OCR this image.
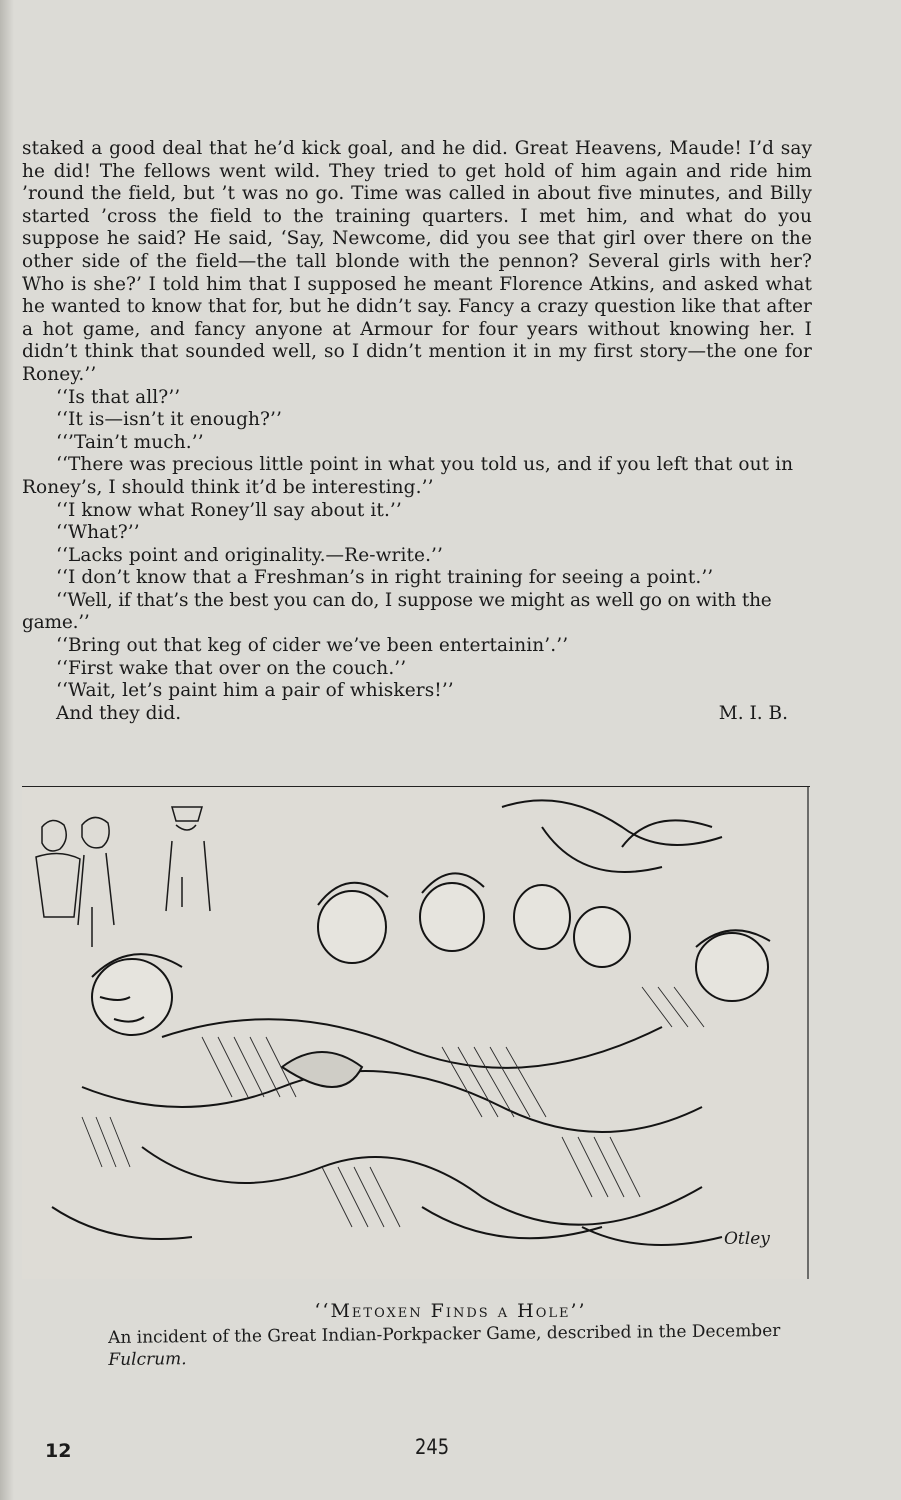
staked a good deal that he’d kick goal, and he did. Great Heavens, Maude! I’d say he did! The fellows went wild. They tried to get hold of him again and ride him ’round the field, but ’t was no go. Time was called in about five minutes, and Billy started ’cross the field to the training quarters. I met him, and what do you suppose he said? He said, ‘Say, Newcome, did you see that girl over there on the other side of the field—the tall blonde with the pennon? Several girls with her? Who is she?’ I told him that I supposed he meant Florence Atkins, and asked what he wanted to know that for, but he didn’t say. Fancy a crazy question like that after a hot game, and fancy anyone at Armour for four years without knowing her. I didn’t think that sounded well, so I didn’t mention it in my first story—the one for Roney.’’

‘‘Is that all?’’

‘‘It is—isn’t it enough?’’

‘‘’Tain’t much.’’

‘‘There was precious little point in what you told us, and if you left that out in Roney’s, I should think it’d be interesting.’’

‘‘I know what Roney’ll say about it.’’

‘‘What?’’

‘‘Lacks point and originality.—Re-write.’’

‘‘I don’t know that a Freshman’s in right training for seeing a point.’’

‘‘Well, if that’s the best you can do, I suppose we might as well go on with the game.’’

‘‘Bring out that keg of cider we’ve been entertainin’.’’

‘‘First wake that over on the couch.’’

‘‘Wait, let’s paint him a pair of whiskers!’’

And they did.	M. I. B.

Otley
‘‘Metoxen Finds a Hole’’
An incident of the Great Indian-Porkpacker Game, described in the December Fulcrum.
12	245
